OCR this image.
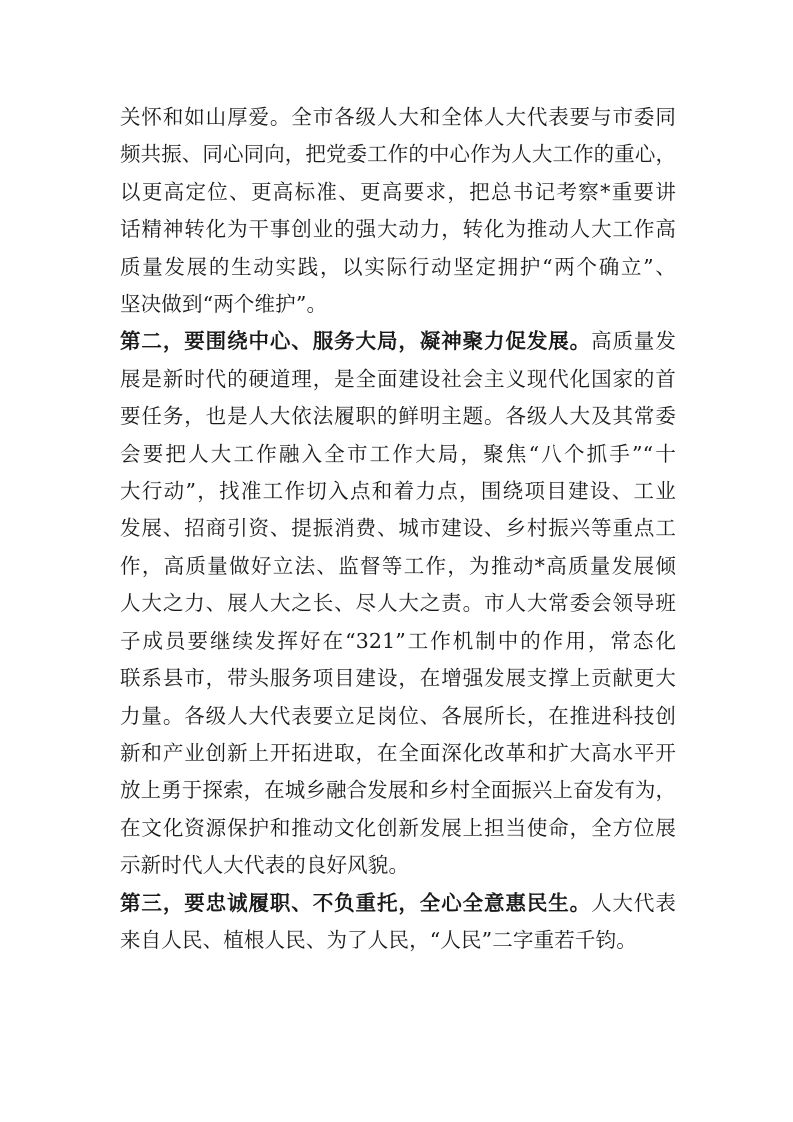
关怀和如山厚爱。全市各级人大和全体人大代表要与市委同
频共振、同心同向，把党委工作的中心作为人大工作的重心，
以更高定位、更高标准、更高要求，把总书记考察*重要讲
话精神转化为干事创业的强大动力，转化为推动人大工作高
质量发展的生动实践，以实际行动坚定拥护“两个确立”、
坚决做到“两个维护”。
第二，要围绕中心、服务大局，凝神聚力促发展。高质量发
展是新时代的硬道理，是全面建设社会主义现代化国家的首
要任务，也是人大依法履职的鲜明主题。各级人大及其常委
会要把人大工作融入全市工作大局，聚焦“八个抓手”“十
大行动”，找准工作切入点和着力点，围绕项目建设、工业
发展、招商引资、提振消费、城市建设、乡村振兴等重点工
作，高质量做好立法、监督等工作，为推动*高质量发展倾
人大之力、展人大之长、尽人大之责。市人大常委会领导班
子成员要继续发挥好在“321”工作机制中的作用，常态化
联系县市，带头服务项目建设，在增强发展支撑上贡献更大
力量。各级人大代表要立足岗位、各展所长，在推进科技创
新和产业创新上开拓进取，在全面深化改革和扩大高水平开
放上勇于探索，在城乡融合发展和乡村全面振兴上奋发有为，
在文化资源保护和推动文化创新发展上担当使命，全方位展
示新时代人大代表的良好风貌。
第三，要忠诚履职、不负重托，全心全意惠民生。人大代表
来自人民、植根人民、为了人民，“人民”二字重若千钧。
